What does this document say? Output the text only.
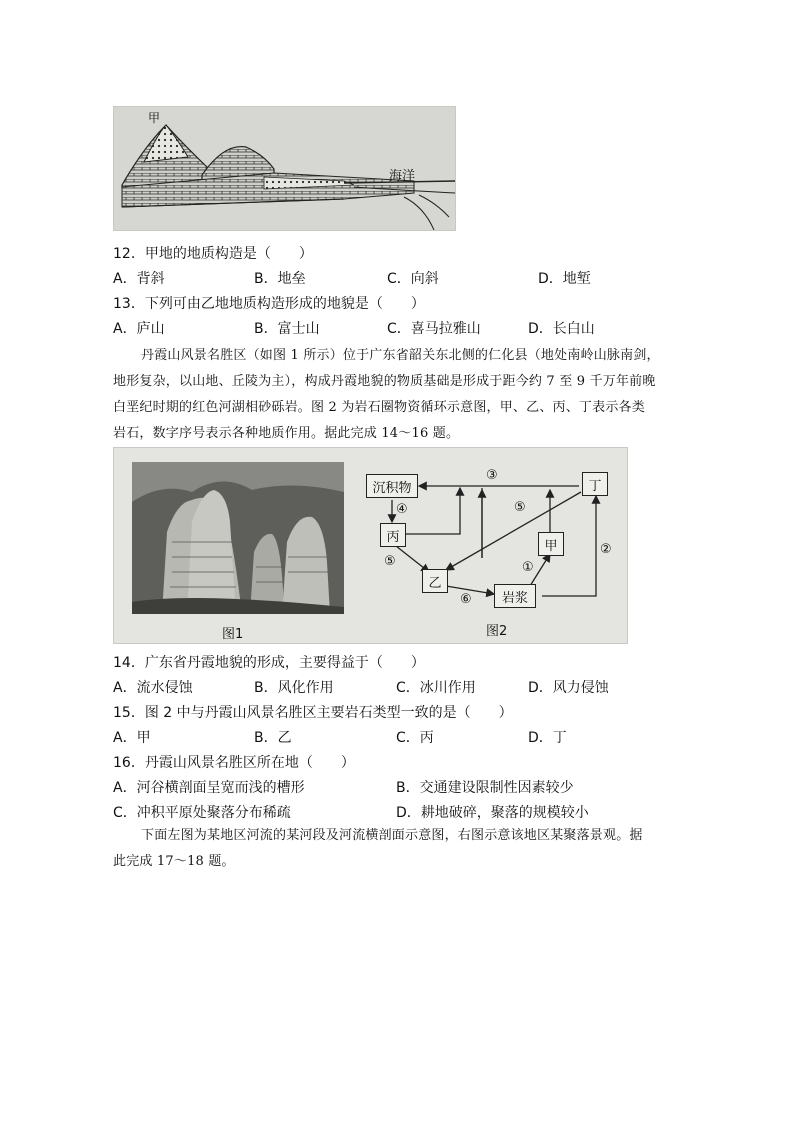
甲
海洋
12．甲地的地质构造是（　　）
A．背斜	B．地垒	C．向斜	D．地堑
13．下列可由乙地地质构造形成的地貌是（　　）
A．庐山	B．富士山	C．喜马拉雅山	D．长白山
丹霞山风景名胜区（如图 1 所示）位于广东省韶关东北侧的仁化县（地处南岭山脉南剑，
地形复杂，以山地、丘陵为主），构成丹霞地貌的物质基础是形成于距今约 7 至 9 千万年前晚
白垩纪时期的红色河湖相砂砾岩。图 2 为岩石圈物资循环示意图，甲、乙、丙、丁表示各类
岩石，数字序号表示各种地质作用。据此完成 14～16 题。
图1
沉积物
丙
乙
岩浆
甲
丁
③
④	⑤
⑤	①
②
⑥
图2
14．广东省丹霞地貌的形成，主要得益于（　　）
A．流水侵蚀	B．风化作用	C．冰川作用	D．风力侵蚀
15．图 2 中与丹霞山风景名胜区主要岩石类型一致的是（　　）
A．甲	B．乙	C．丙	D．丁
16．丹霞山风景名胜区所在地（　　）
A．河谷横剖面呈宽而浅的槽形	B．交通建设限制性因素较少
C．冲积平原处聚落分布稀疏	D．耕地破碎，聚落的规模较小
下面左图为某地区河流的某河段及河流横剖面示意图，右图示意该地区某聚落景观。据
此完成 17～18 题。
